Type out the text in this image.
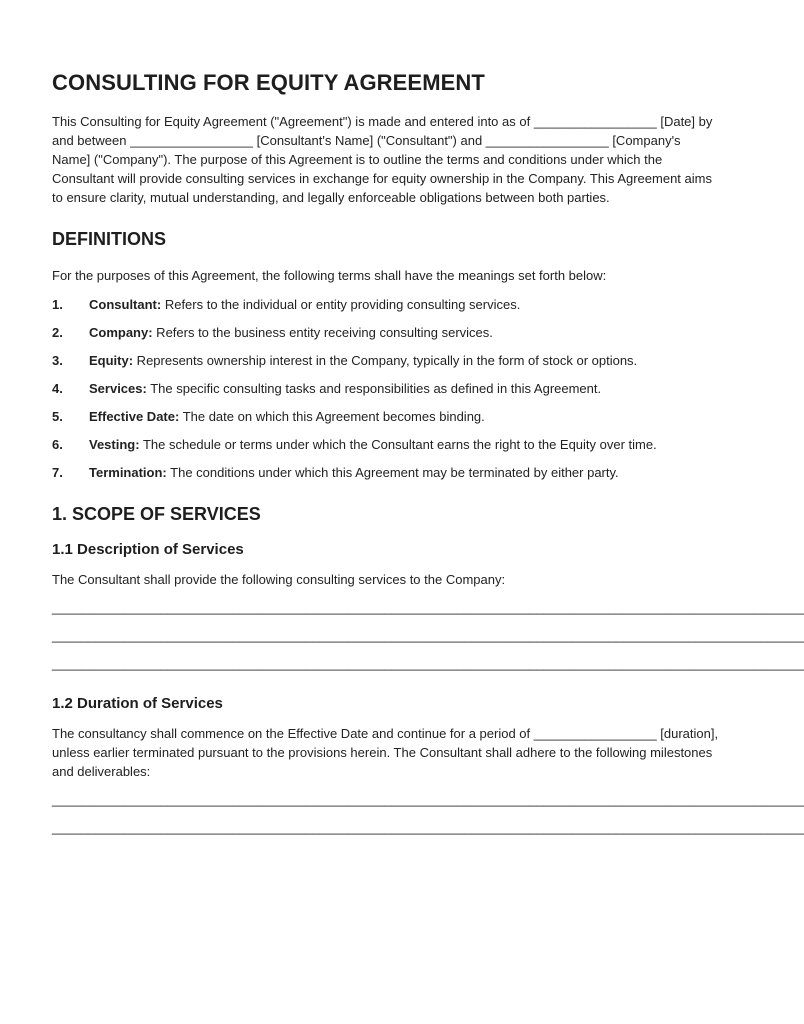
CONSULTING FOR EQUITY AGREEMENT

This Consulting for Equity Agreement ("Agreement") is made and entered into as of _________________ [Date] by and between _________________ [Consultant's Name] ("Consultant") and _________________ [Company's Name] ("Company"). The purpose of this Agreement is to outline the terms and conditions under which the Consultant will provide consulting services in exchange for equity ownership in the Company. This Agreement aims to ensure clarity, mutual understanding, and legally enforceable obligations between both parties.

DEFINITIONS

For the purposes of this Agreement, the following terms shall have the meanings set forth below:

1.	Consultant: Refers to the individual or entity providing consulting services.
2.	Company: Refers to the business entity receiving consulting services.
3.	Equity: Represents ownership interest in the Company, typically in the form of stock or options.
4.	Services: The specific consulting tasks and responsibilities as defined in this Agreement.
5.	Effective Date: The date on which this Agreement becomes binding.
6.	Vesting: The schedule or terms under which the Consultant earns the right to the Equity over time.
7.	Termination: The conditions under which this Agreement may be terminated by either party.
1. SCOPE OF SERVICES
1.1 Description of Services

The Consultant shall provide the following consulting services to the Company:

________________________________________________________________________________________________________
________________________________________________________________________________________________________
________________________________________________________________________________________________________
1.2 Duration of Services

The consultancy shall commence on the Effective Date and continue for a period of _________________ [duration], unless earlier terminated pursuant to the provisions herein. The Consultant shall adhere to the following milestones and deliverables:

________________________________________________________________________________________________________
________________________________________________________________________________________________________
